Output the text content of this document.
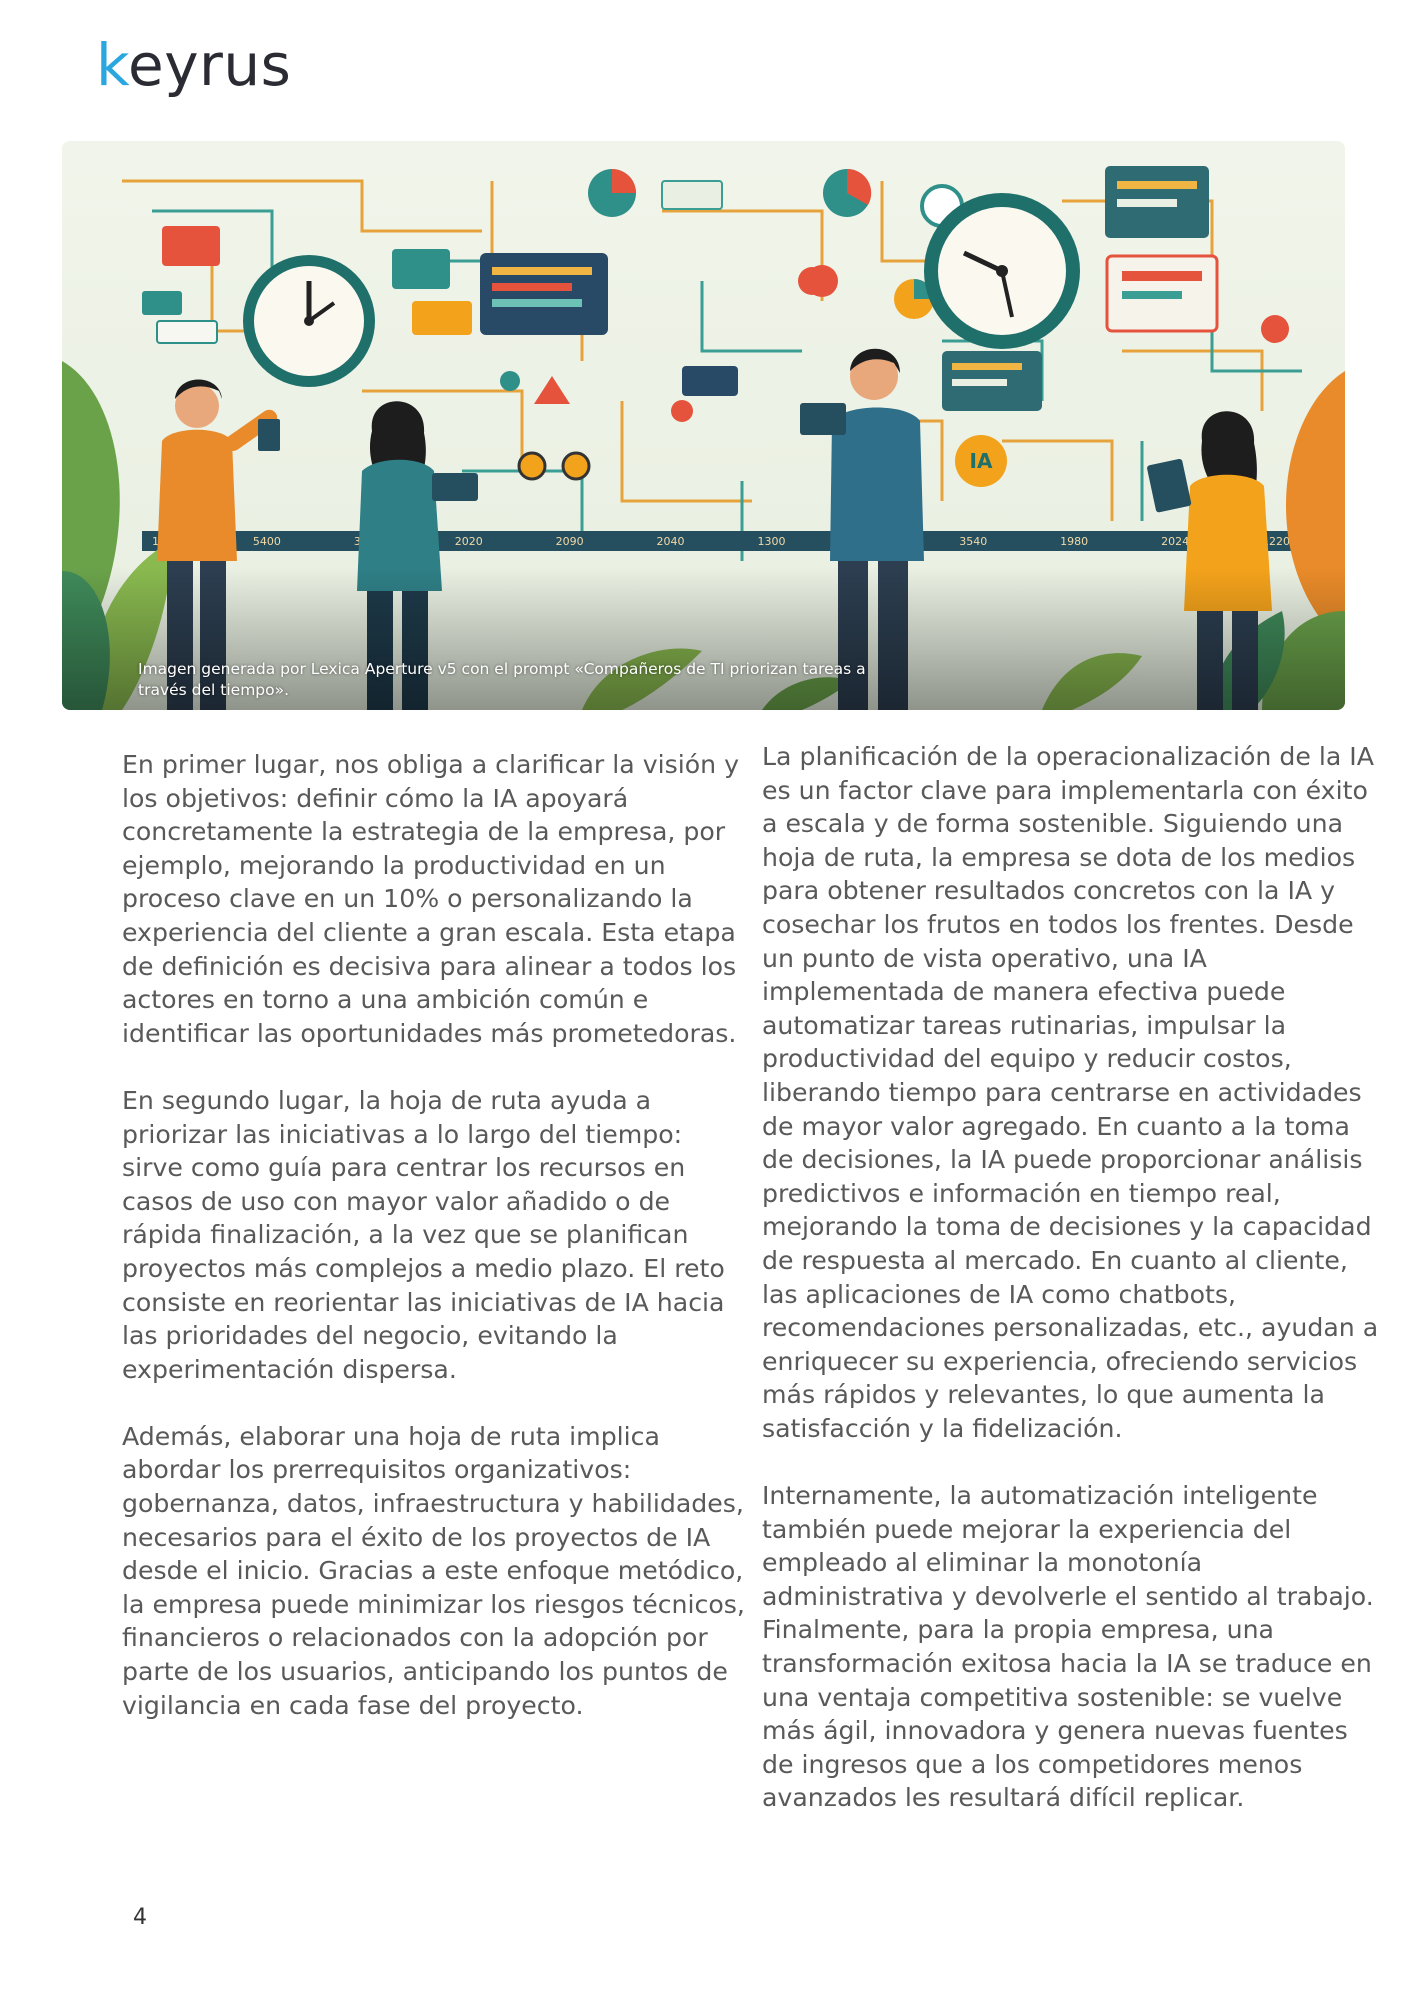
keyrus
Imagen generada por Lexica Aperture v5 con el prompt «Compañeros de TI priorizan tareas a través del tiempo».

En primer lugar, nos obliga a clarificar la visión y los objetivos: definir cómo la IA apoyará concretamente la estrategia de la empresa, por ejemplo, mejorando la productividad en un proceso clave en un 10% o personalizando la experiencia del cliente a gran escala. Esta etapa de definición es decisiva para alinear a todos los actores en torno a una ambición común e identificar las oportunidades más prometedoras.

En segundo lugar, la hoja de ruta ayuda a priorizar las iniciativas a lo largo del tiempo: sirve como guía para centrar los recursos en casos de uso con mayor valor añadido o de rápida finalización, a la vez que se planifican proyectos más complejos a medio plazo. El reto consiste en reorientar las iniciativas de IA hacia las prioridades del negocio, evitando la experimentación dispersa.

Además, elaborar una hoja de ruta implica abordar los prerrequisitos organizativos: gobernanza, datos, infraestructura y habilidades, necesarios para el éxito de los proyectos de IA desde el inicio. Gracias a este enfoque metódico, la empresa puede minimizar los riesgos técnicos, financieros o relacionados con la adopción por parte de los usuarios, anticipando los puntos de vigilancia en cada fase del proyecto.

La planificación de la operacionalización de la IA es un factor clave para implementarla con éxito a escala y de forma sostenible. Siguiendo una hoja de ruta, la empresa se dota de los medios para obtener resultados concretos con la IA y cosechar los frutos en todos los frentes. Desde un punto de vista operativo, una IA implementada de manera efectiva puede automatizar tareas rutinarias, impulsar la productividad del equipo y reducir costos, liberando tiempo para centrarse en actividades de mayor valor agregado. En cuanto a la toma de decisiones, la IA puede proporcionar análisis predictivos e información en tiempo real, mejorando la toma de decisiones y la capacidad de respuesta al mercado. En cuanto al cliente, las aplicaciones de IA como chatbots, recomendaciones personalizadas, etc., ayudan a enriquecer su experiencia, ofreciendo servicios más rápidos y relevantes, lo que aumenta la satisfacción y la fidelización.

Internamente, la automatización inteligente también puede mejorar la experiencia del empleado al eliminar la monotonía administrativa y devolverle el sentido al trabajo. Finalmente, para la propia empresa, una transformación exitosa hacia la IA se traduce en una ventaja competitiva sostenible: se vuelve más ágil, innovadora y genera nuevas fuentes de ingresos que a los competidores menos avanzados les resultará difícil replicar.

4
